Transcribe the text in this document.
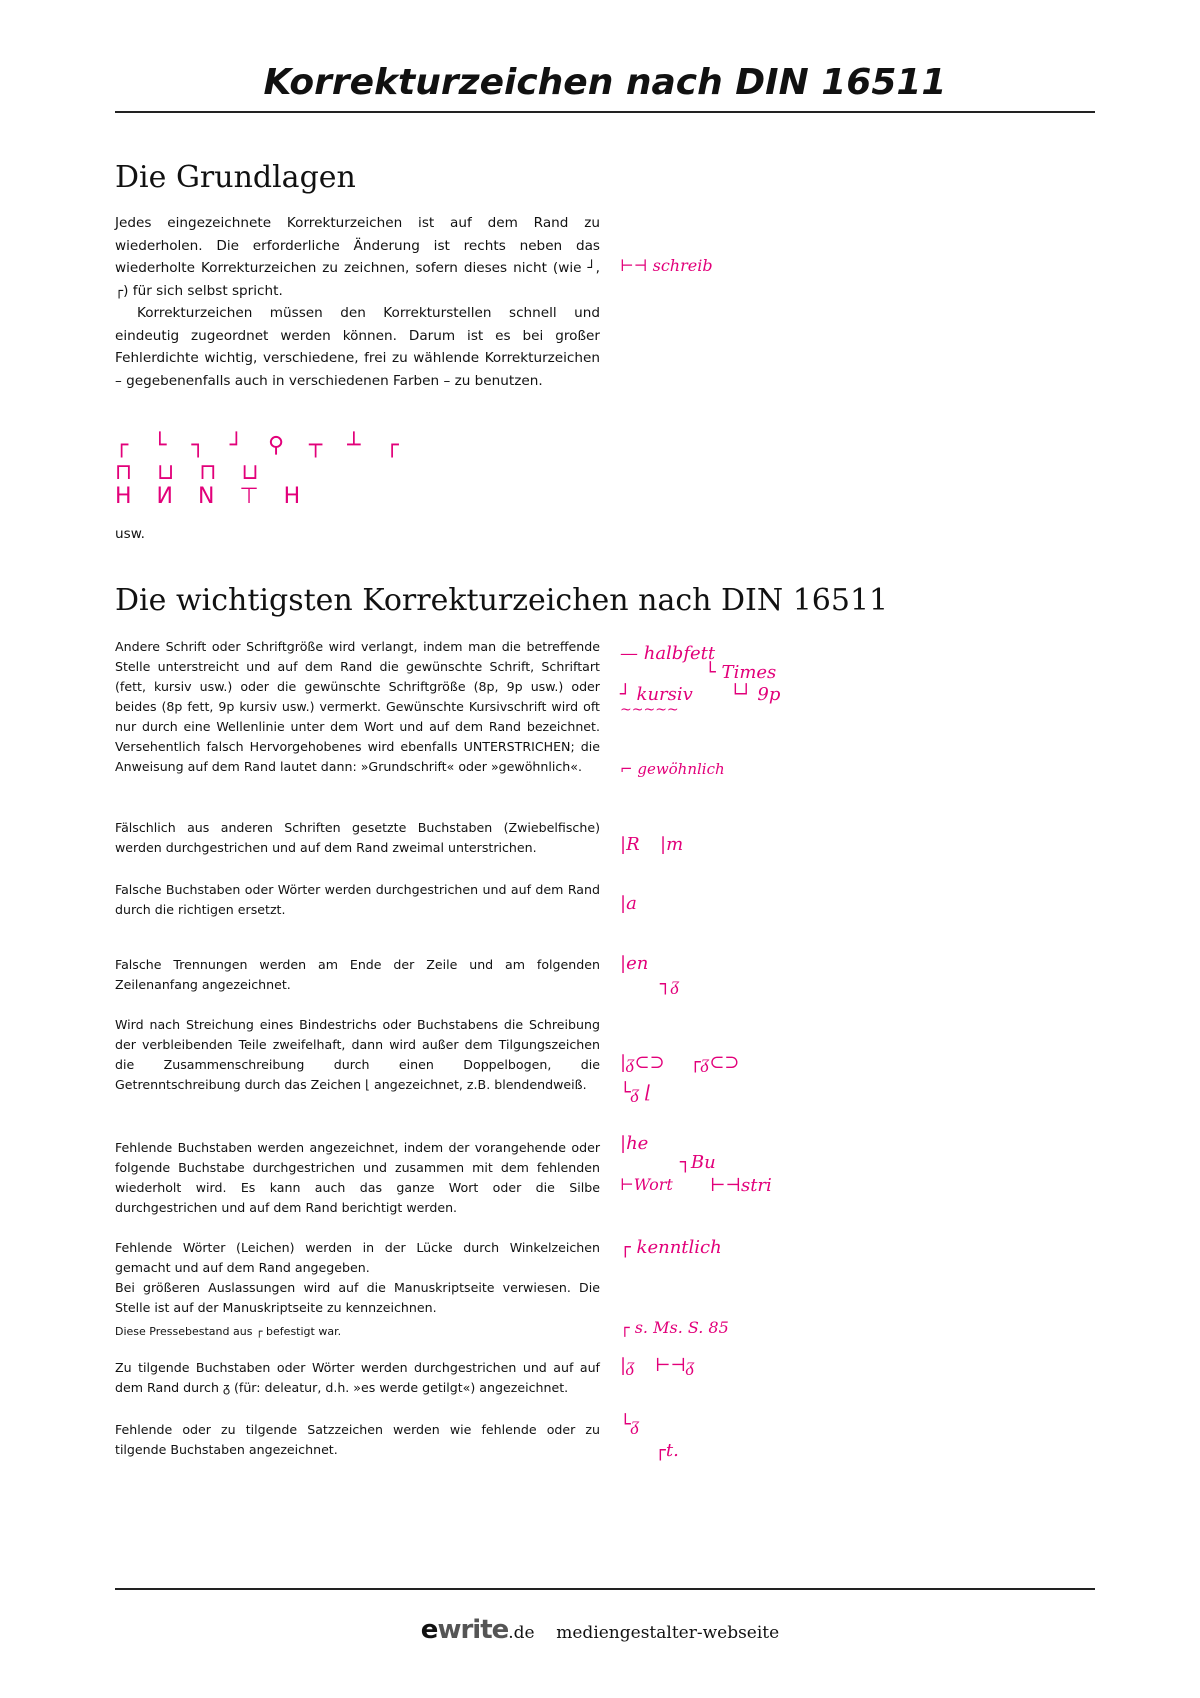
Korrekturzeichen nach DIN 16511
Die Grundlagen
Jedes eingezeichnete Korrekturzeichen ist auf dem Rand zu wiederholen. Die erforderliche Änderung ist rechts neben das wiederholte Korrekturzeichen zu zeichnen, sofern dieses nicht (wie ┘, ┌) für sich selbst spricht.
Korrekturzeichen müssen den Korrekturstellen schnell und eindeutig zugeordnet werden können. Darum ist es bei großer Fehlerdichte wichtig, verschiedene, frei zu wählende Korrekturzeichen – gegebenenfalls auch in verschiedenen Farben – zu benutzen.
⊢⊣ schreib
┌ └ ┐ ┘ ⚲ ┬ ┴ ┌
⊓ ⊔ ⊓ ⊔
H И N ⊤ H
usw.
Die wichtigsten Korrekturzeichen nach DIN 16511
Andere Schrift oder Schriftgröße wird verlangt, indem man die betreffende Stelle unterstreicht und auf dem Rand die gewünschte Schrift, Schriftart (fett, kursiv usw.) oder die gewünschte Schriftgröße (8p, 9p usw.) oder beides (8p fett, 9p kursiv usw.) vermerkt. Gewünschte Kursivschrift wird oft nur durch eine Wellenlinie unter dem Wort und auf dem Rand bezeichnet. Versehentlich falsch Hervorgehobenes wird ebenfalls UNTERSTRICHEN; die Anweisung auf dem Rand lautet dann: »Grundschrift« oder »gewöhnlich«.
— halbfett
└ Times
┘ kursiv └┘ 9p
~~~~~
⌐ gewöhnlich
Fälschlich aus anderen Schriften gesetzte Buchstaben (Zwiebelfische) werden durchgestrichen und auf dem Rand zweimal unterstrichen.	|R |m
Falsche Buchstaben oder Wörter werden durchgestrichen und auf dem Rand durch die richtigen ersetzt.	|a
Falsche Trennungen werden am Ende der Zeile und am folgenden Zeilenanfang angezeichnet.
|en
┐ᵹ
Wird nach Streichung eines Bindestrichs oder Buchstabens die Schreibung der verbleibenden Teile zweifelhaft, dann wird außer dem Tilgungszeichen die Zusammenschreibung durch einen Doppelbogen, die Getrenntschreibung durch das Zeichen ⌊ angezeichnet, z.B. blendendweiß.
|ᵹ⊂⊃ ┌ᵹ⊂⊃
└ᵹ ⌊
Fehlende Buchstaben werden angezeichnet, indem der vorangehende oder folgende Buchstabe durchgestrichen und zusammen mit dem fehlenden wiederholt wird. Es kann auch das ganze Wort oder die Silbe durchgestrichen und auf dem Rand berichtigt werden.
|he
┐Bu
⊢Wort ⊢⊣stri
Fehlende Wörter (Leichen) werden in der Lücke durch Winkelzeichen gemacht und auf dem Rand angegeben.
Bei größeren Auslassungen wird auf die Manuskriptseite verwiesen. Die Stelle ist auf der Manuskriptseite zu kennzeichnen.
Diese Pressebestand aus ┌ befestigt war.
┌ kenntlich
┌ s. Ms. S. 85
Zu tilgende Buchstaben oder Wörter werden durchgestrichen und auf auf dem Rand durch ᵹ (für: deleatur, d.h. »es werde getilgt«) angezeichnet.
|ᵹ ⊢⊣ᵹ
Fehlende oder zu tilgende Satzzeichen werden wie fehlende oder zu tilgende Buchstaben angezeichnet.
└ᵹ
┌t.
ewrite.de mediengestalter-webseite
